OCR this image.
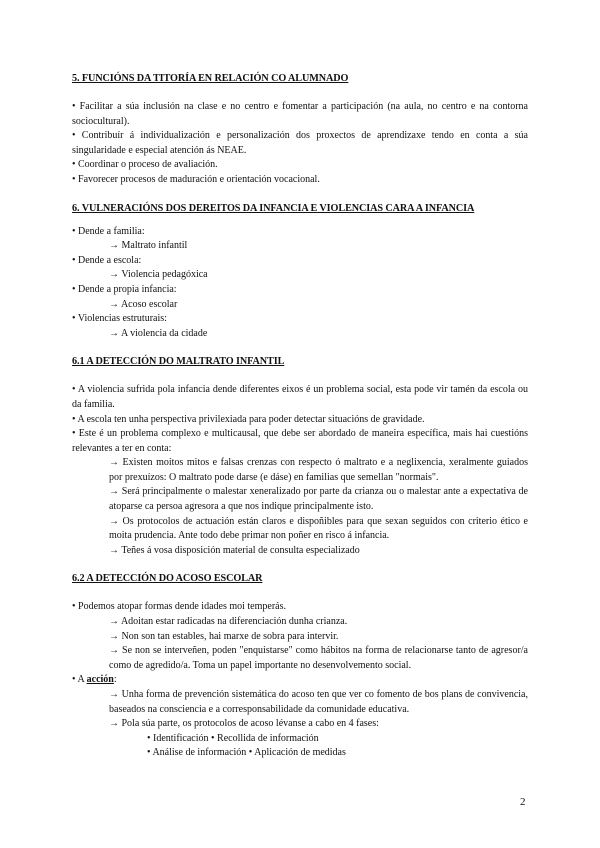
5. FUNCIÓNS DA TITORÍA EN RELACIÓN CO ALUMNADO

• Facilitar a súa inclusión na clase e no centro e fomentar a participación (na aula, no centro e na contorna sociocultural).

• Contribuír á individualización e personalización dos proxectos de aprendizaxe tendo en conta a súa singularidade e especial atención ás NEAE.

• Coordinar o proceso de avaliación.

• Favorecer procesos de maduración e orientación vocacional.

6. VULNERACIÓNS DOS DEREITOS DA INFANCIA E VIOLENCIAS CARA A INFANCIA

• Dende a familia:

→ Maltrato infantil

• Dende a escola:

→ Violencia pedagóxica

• Dende a propia infancia:

→ Acoso escolar

• Violencias estruturais:

→ A violencia da cidade

6.1 A DETECCIÓN DO MALTRATO INFANTIL

• A violencia sufrida pola infancia dende diferentes eixos é un problema social, esta pode vir tamén da escola ou da familia.

• A escola ten unha perspectiva privilexiada para poder detectar situacións de gravidade.

• Este é un problema complexo e multicausal, que debe ser abordado de maneira específica, mais hai cuestións relevantes a ter en conta:

→ Existen moitos mitos e falsas crenzas con respecto ó maltrato e a neglixencia, xeralmente guiados por prexuízos: O maltrato pode darse (e dáse) en familias que semellan "normais".

→ Será principalmente o malestar xeneralizado por parte da crianza ou o malestar ante a expectativa de atoparse ca persoa agresora a que nos indique principalmente isto.

→ Os protocolos de actuación están claros e dispoñibles para que sexan seguidos con criterio ético e moita prudencia. Ante todo debe primar non poñer en risco á infancia.

→ Teñes á vosa disposición material de consulta especializado

6.2 A DETECCIÓN DO ACOSO ESCOLAR

• Podemos atopar formas dende idades moi temperás.

→ Adoitan estar radicadas na diferenciación dunha crianza.

→ Non son tan estables, hai marxe de sobra para intervir.

→ Se non se interveñen, poden "enquistarse" como hábitos na forma de relacionarse tanto de agresor/a como de agredido/a. Toma un papel importante no desenvolvemento social.

• A acción:

→ Unha forma de prevención sistemática do acoso ten que ver co fomento de bos plans de convivencia, baseados na consciencia e a corresponsabilidade da comunidade educativa.

→ Pola súa parte, os protocolos de acoso lévanse a cabo en 4 fases:

• Identificación • Recollida de información

• Análise de información • Aplicación de medidas

2
